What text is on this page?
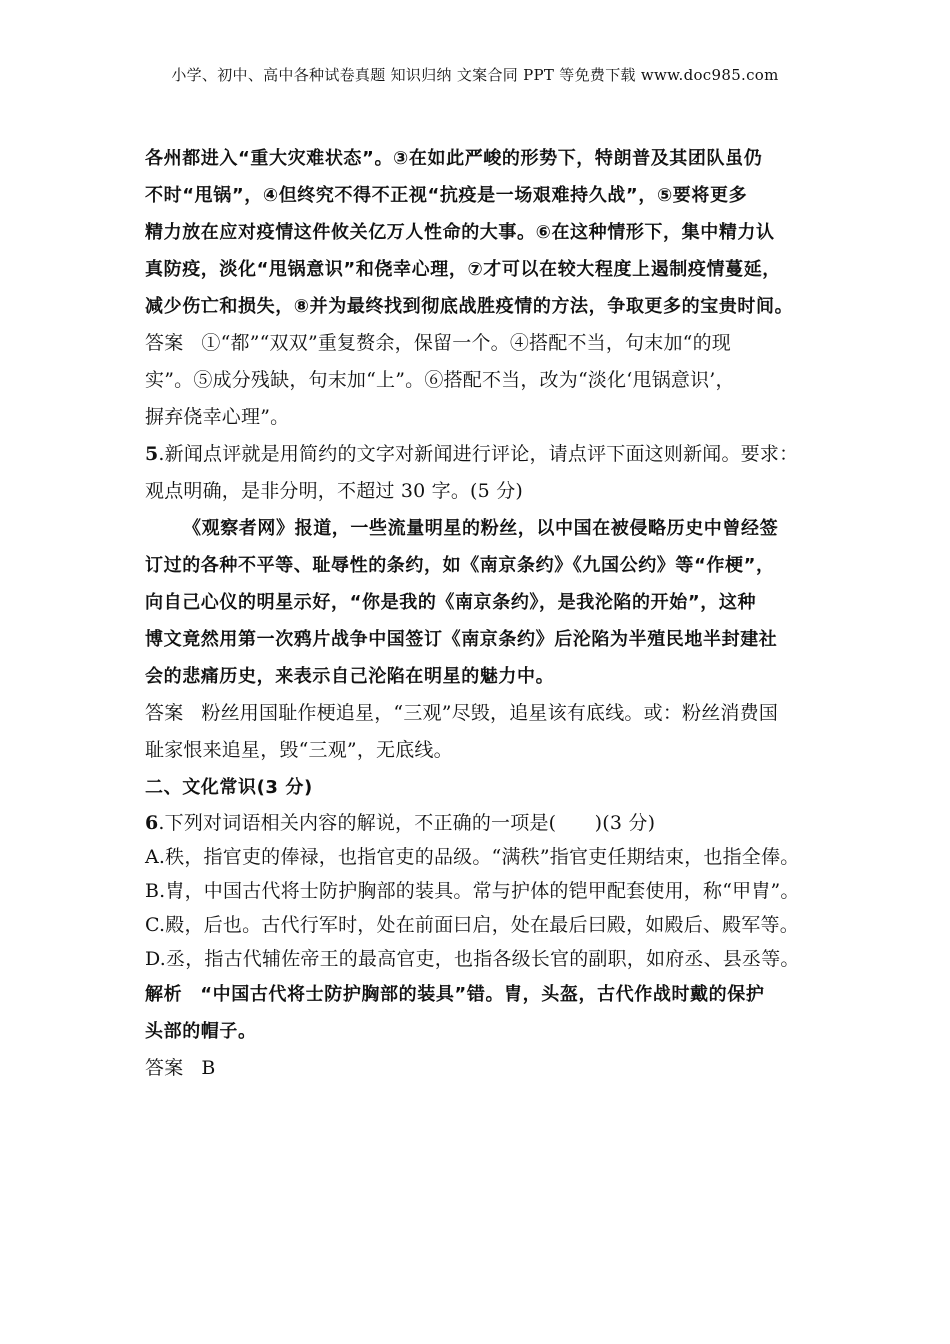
小学、初中、高中各种试卷真题 知识归纳 文案合同 PPT 等免费下载 www.doc985.com
各州都进入“重大灾难状态”。③在如此严峻的形势下，特朗普及其团队虽仍
不时“甩锅”，④但终究不得不正视“抗疫是一场艰难持久战”，⑤要将更多
精力放在应对疫情这件攸关亿万人性命的大事。⑥在这种情形下，集中精力认
真防疫，淡化“甩锅意识”和侥幸心理，⑦才可以在较大程度上遏制疫情蔓延，
减少伤亡和损失，⑧并为最终找到彻底战胜疫情的方法，争取更多的宝贵时间。
答案 ①“都”“双双”重复赘余，保留一个。④搭配不当，句末加“的现
实”。⑤成分残缺，句末加“上”。⑥搭配不当，改为“淡化‘甩锅意识’，
摒弃侥幸心理”。
5.新闻点评就是用简约的文字对新闻进行评论，请点评下面这则新闻。要求：
观点明确，是非分明，不超过 30 字。(5 分)
《观察者网》报道，一些流量明星的粉丝，以中国在被侵略历史中曾经签
订过的各种不平等、耻辱性的条约，如《南京条约》《九国公约》等“作梗”，
向自己心仪的明星示好，“你是我的《南京条约》，是我沦陷的开始”，这种
博文竟然用第一次鸦片战争中国签订《南京条约》后沦陷为半殖民地半封建社
会的悲痛历史，来表示自己沦陷在明星的魅力中。
答案 粉丝用国耻作梗追星，“三观”尽毁，追星该有底线。或：粉丝消费国
耻家恨来追星，毁“三观”，无底线。
二、文化常识(3 分)
6.下列对词语相关内容的解说，不正确的一项是(　　)(3 分)
A.秩，指官吏的俸禄，也指官吏的品级。“满秩”指官吏任期结束，也指全俸。
B.胄，中国古代将士防护胸部的装具。常与护体的铠甲配套使用，称“甲胄”。
C.殿，后也。古代行军时，处在前面曰启，处在最后曰殿，如殿后、殿军等。
D.丞，指古代辅佐帝王的最高官吏，也指各级长官的副职，如府丞、县丞等。
解析 “中国古代将士防护胸部的装具”错。胄，头盔，古代作战时戴的保护
头部的帽子。
答案 B
